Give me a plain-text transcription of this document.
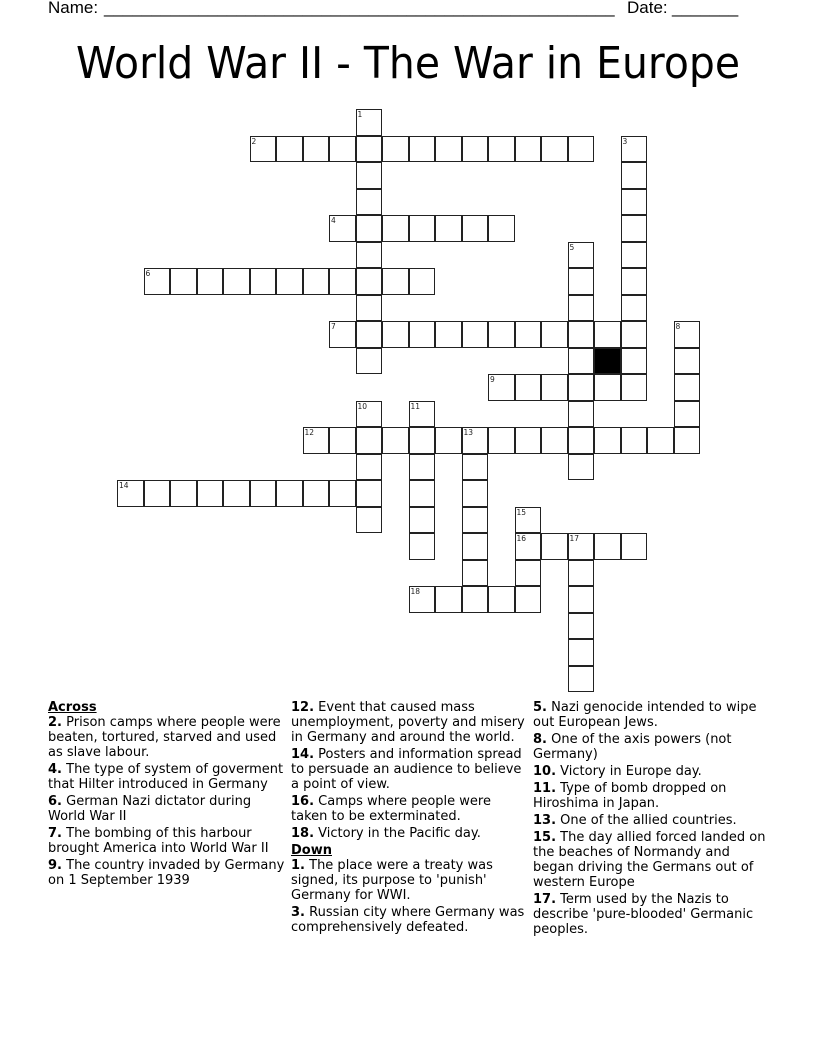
Name: ______________________________________________________ Date: _______
World War II - The War in Europe
1
2	3
4
5
6
7	8
9
10	11
12	13
14
15
16	17
18
Across
2. Prison camps where people were beaten, tortured, starved and used as slave labour.
4. The type of system of goverment that Hilter introduced in Germany
6. German Nazi dictator during World War II
7. The bombing of this harbour brought America into World War II
9. The country invaded by Germany on 1 September 1939
12. Event that caused mass unemployment, poverty and misery in Germany and around the world.
14. Posters and information spread to persuade an audience to believe a point of view.
16. Camps where people were taken to be exterminated.
18. Victory in the Pacific day.
Down
1. The place were a treaty was signed, its purpose to 'punish' Germany for WWI.
3. Russian city where Germany was comprehensively defeated.
5. Nazi genocide intended to wipe out European Jews.
8. One of the axis powers (not Germany)
10. Victory in Europe day.
11. Type of bomb dropped on Hiroshima in Japan.
13. One of the allied countries.
15. The day allied forced landed on the beaches of Normandy and began driving the Germans out of western Europe
17. Term used by the Nazis to describe 'pure-blooded' Germanic peoples.
